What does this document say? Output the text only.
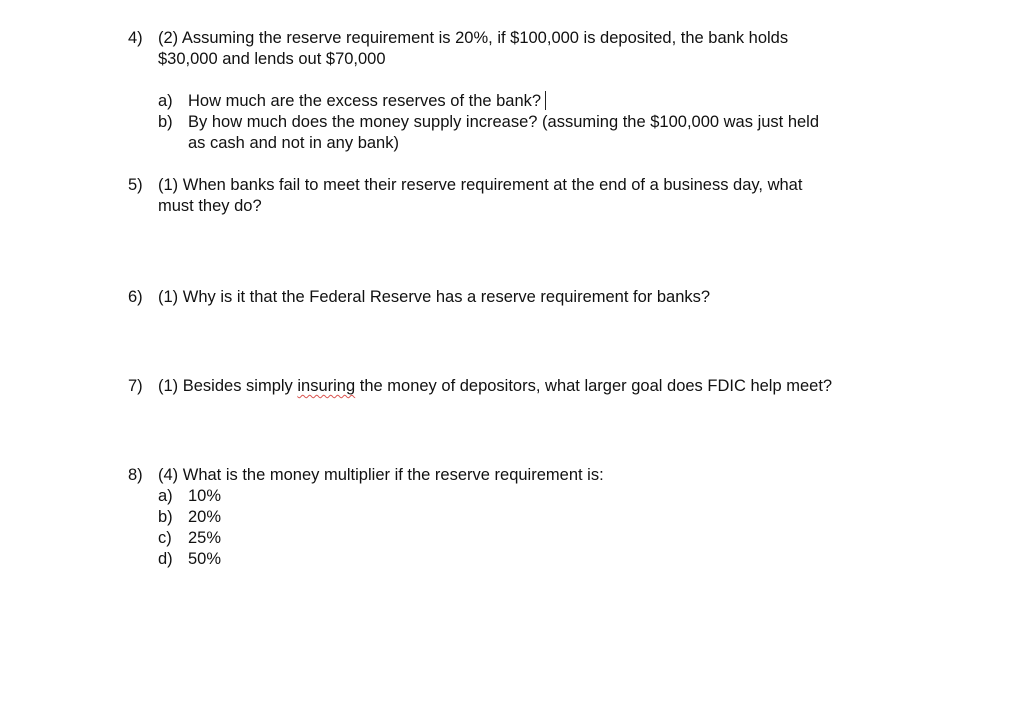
4) (2) Assuming the reserve requirement is 20%, if $100,000 is deposited, the bank holds
$30,000 and lends out $70,000
a) How much are the excess reserves of the bank?
b) By how much does the money supply increase? (assuming the $100,000 was just held
as cash and not in any bank)
5) (1) When banks fail to meet their reserve requirement at the end of a business day, what
must they do?
6) (1) Why is it that the Federal Reserve has a reserve requirement for banks?
7) (1) Besides simply insuring the money of depositors, what larger goal does FDIC help meet?
8) (4) What is the money multiplier if the reserve requirement is:
a) 10%
b) 20%
c) 25%
d) 50%
